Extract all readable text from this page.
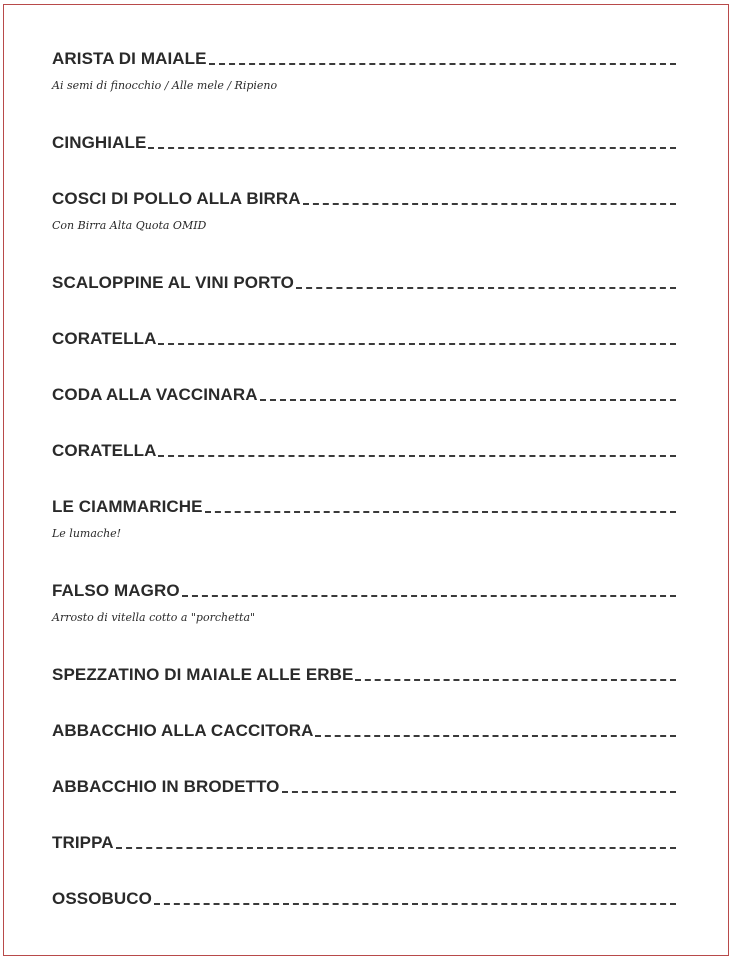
ARISTA DI MAIALE
Ai semi di finocchio / Alle mele / Ripieno
CINGHIALE
COSCI DI POLLO ALLA BIRRA
Con Birra Alta Quota OMID
SCALOPPINE AL VINI PORTO
CORATELLA
CODA ALLA VACCINARA
CORATELLA
LE CIAMMARICHE
Le lumache!
FALSO MAGRO
Arrosto di vitella cotto a "porchetta"
SPEZZATINO DI MAIALE ALLE ERBE
ABBACCHIO ALLA CACCITORA
ABBACCHIO IN BRODETTO
TRIPPA
OSSOBUCO
